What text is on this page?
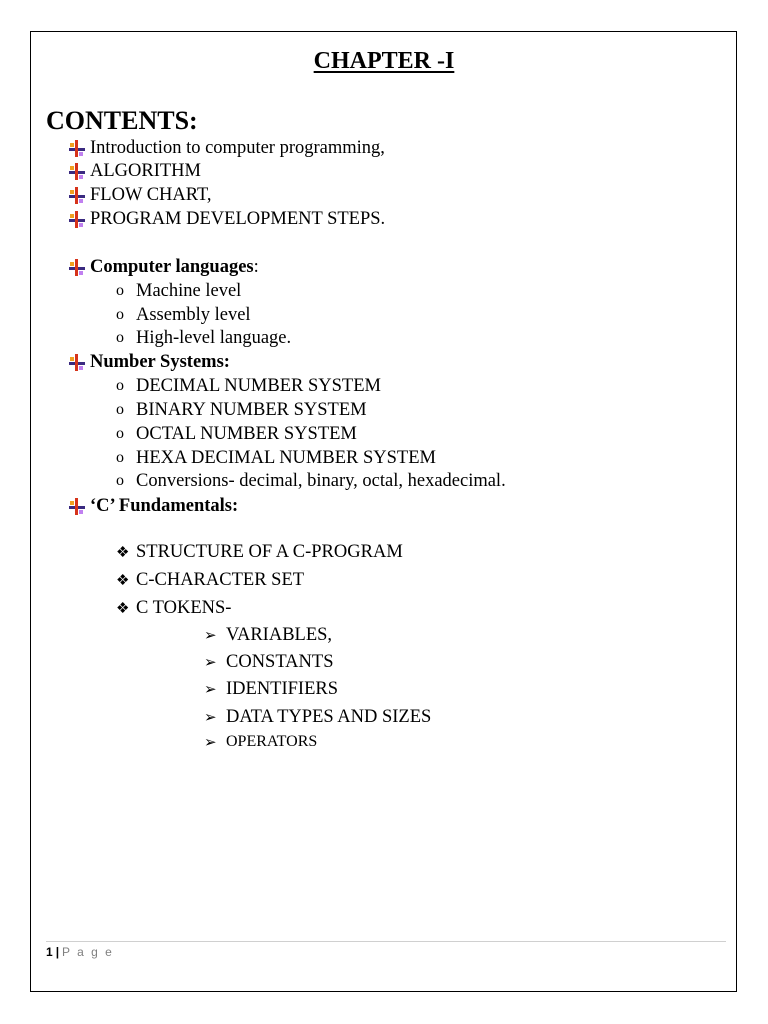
CHAPTER -I
CONTENTS:
Introduction to computer programming,
ALGORITHM
FLOW CHART,
PROGRAM DEVELOPMENT STEPS.
Computer languages :
o Machine level
o Assembly level
o High-level language.
Number Systems:
o DECIMAL NUMBER SYSTEM
o BINARY NUMBER SYSTEM
o OCTAL NUMBER SYSTEM
o HEXA DECIMAL NUMBER SYSTEM
o Conversions- decimal, binary, octal, hexadecimal.
‘C’ Fundamentals:
❖ STRUCTURE OF A C-PROGRAM
❖ C-CHARACTER SET
❖ C TOKENS-
➢ VARIABLES,
➢ CONSTANTS
➢ IDENTIFIERS
➢ DATA TYPES AND SIZES
➢ OPERATORS
1 | P a g e
